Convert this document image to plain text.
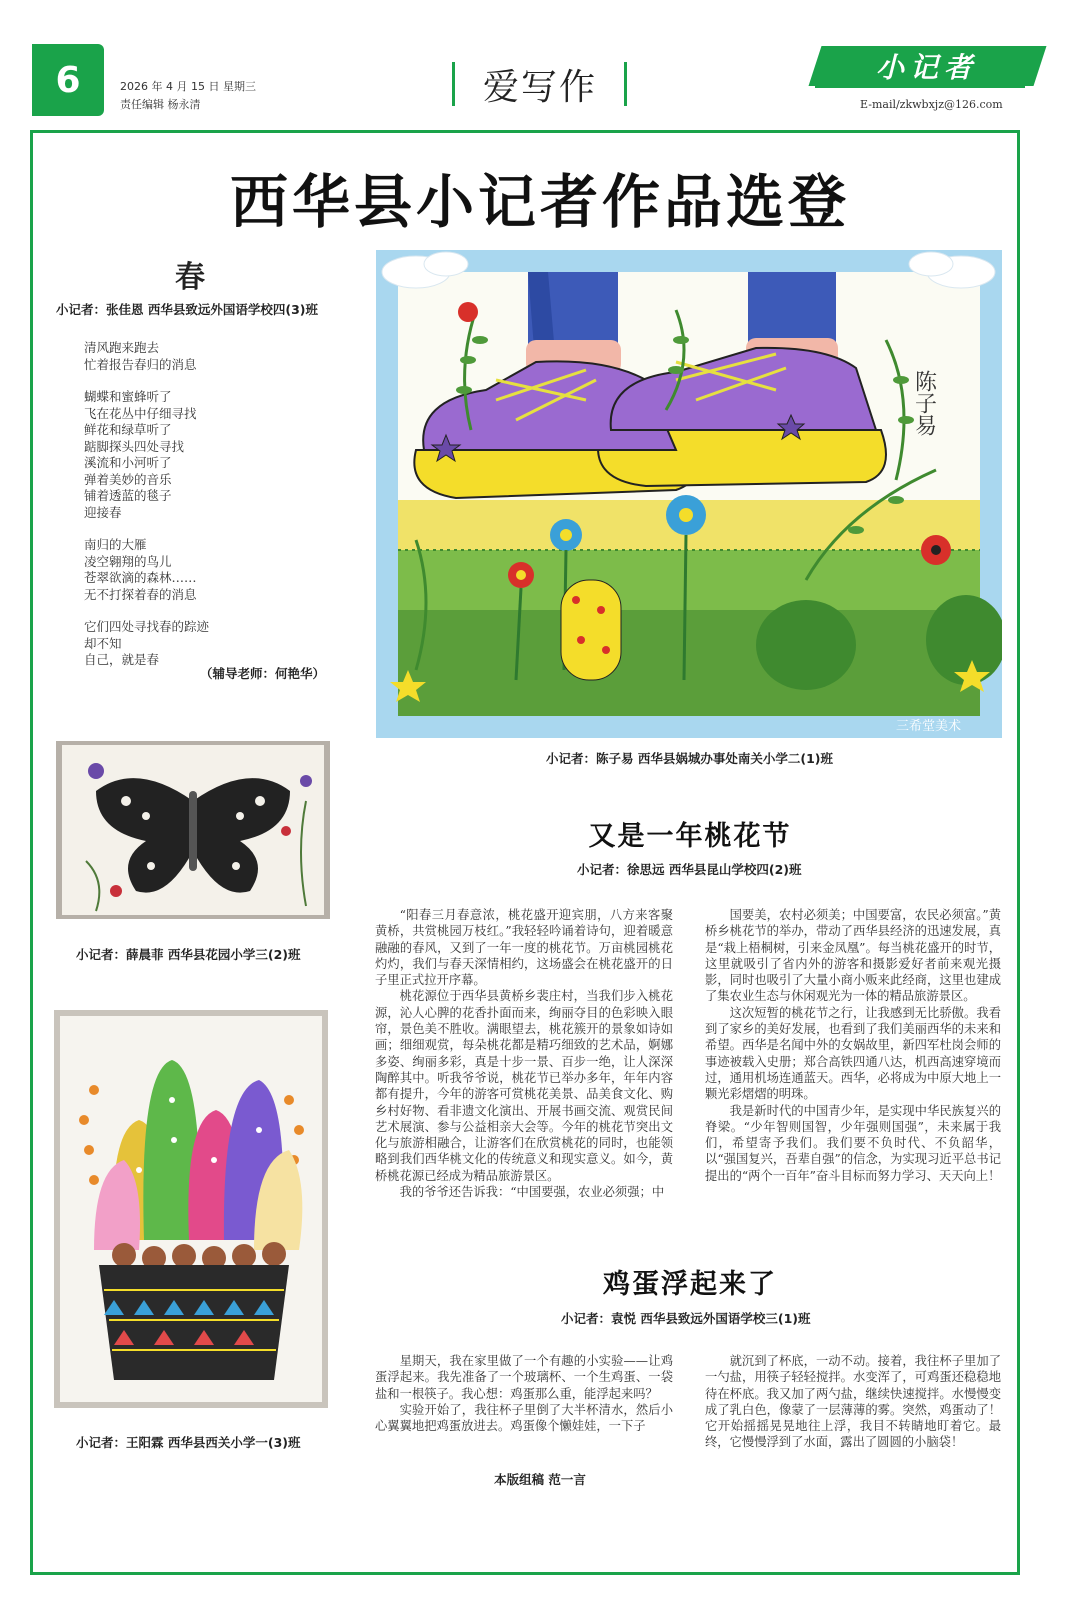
6	2026 年 4 月 15 日 星期三
责任编辑 杨永清	爱写作	小记者
E-mail/zkwbxjz@126.com
西华县小记者作品选登
春
小记者：张佳恩 西华县致远外国语学校四(3)班
清风跑来跑去
忙着报告春归的消息
蝴蝶和蜜蜂听了
飞在花丛中仔细寻找
鲜花和绿草听了
踮脚探头四处寻找
溪流和小河听了
弹着美妙的音乐
铺着透蓝的毯子
迎接春
南归的大雁
凌空翱翔的鸟儿
苍翠欲滴的森林……
无不打探着春的消息
它们四处寻找春的踪迹
却不知
自己，就是春
（辅导老师：何艳华）
陈子易
三希堂美术
小记者：陈子易 西华县娲城办事处南关小学二(1)班
小记者：薛晨菲 西华县花园小学三(2)班
小记者：王阳霖 西华县西关小学一(3)班
又是一年桃花节
小记者：徐思远 西华县昆山学校四(2)班

“阳春三月春意浓，桃花盛开迎宾朋，八方来客聚黄桥，共赏桃园万枝红。”我轻轻吟诵着诗句，迎着暖意融融的春风，又到了一年一度的桃花节。万亩桃园桃花灼灼，我们与春天深情相约，这场盛会在桃花盛开的日子里正式拉开序幕。

桃花源位于西华县黄桥乡裴庄村，当我们步入桃花源，沁人心脾的花香扑面而来，绚丽夺目的色彩映入眼帘，景色美不胜收。满眼望去，桃花簇开的景象如诗如画；细细观赏，每朵桃花都是精巧细致的艺术品，婀娜多姿、绚丽多彩，真是十步一景、百步一绝，让人深深陶醉其中。听我爷爷说，桃花节已举办多年，年年内容都有提升，今年的游客可赏桃花美景、品美食文化、购乡村好物、看非遗文化演出、开展书画交流、观赏民间艺术展演、参与公益相亲大会等。今年的桃花节突出文化与旅游相融合，让游客们在欣赏桃花的同时，也能领略到我们西华桃文化的传统意义和现实意义。如今，黄桥桃花源已经成为精品旅游景区。

我的爷爷还告诉我：“中国要强，农业必须强；中

国要美，农村必须美；中国要富，农民必须富。”黄桥乡桃花节的举办，带动了西华县经济的迅速发展，真是“栽上梧桐树，引来金凤凰”。每当桃花盛开的时节，这里就吸引了省内外的游客和摄影爱好者前来观光摄影，同时也吸引了大量小商小贩来此经商，这里也建成了集农业生态与休闲观光为一体的精品旅游景区。

这次短暂的桃花节之行，让我感到无比骄傲。我看到了家乡的美好发展，也看到了我们美丽西华的未来和希望。西华是名闻中外的女娲故里，新四军杜岗会师的事迹被载入史册；郑合高铁四通八达，机西高速穿境而过，通用机场连通蓝天。西华，必将成为中原大地上一颗光彩熠熠的明珠。

我是新时代的中国青少年，是实现中华民族复兴的脊梁。“少年智则国智，少年强则国强”，未来属于我们，希望寄予我们。我们要不负时代、不负韶华，以“强国复兴，吾辈自强”的信念，为实现习近平总书记提出的“两个一百年”奋斗目标而努力学习、天天向上！

鸡蛋浮起来了
小记者：袁悦 西华县致远外国语学校三(1)班

星期天，我在家里做了一个有趣的小实验——让鸡蛋浮起来。我先准备了一个玻璃杯、一个生鸡蛋、一袋盐和一根筷子。我心想：鸡蛋那么重，能浮起来吗？

实验开始了，我往杯子里倒了大半杯清水，然后小心翼翼地把鸡蛋放进去。鸡蛋像个懒娃娃，一下子

就沉到了杯底，一动不动。接着，我往杯子里加了一勺盐，用筷子轻轻搅拌。水变浑了，可鸡蛋还稳稳地待在杯底。我又加了两勺盐，继续快速搅拌。水慢慢变成了乳白色，像蒙了一层薄薄的雾。突然，鸡蛋动了！它开始摇摇晃晃地往上浮，我目不转睛地盯着它。最终，它慢慢浮到了水面，露出了圆圆的小脑袋！

本版组稿 范一言
